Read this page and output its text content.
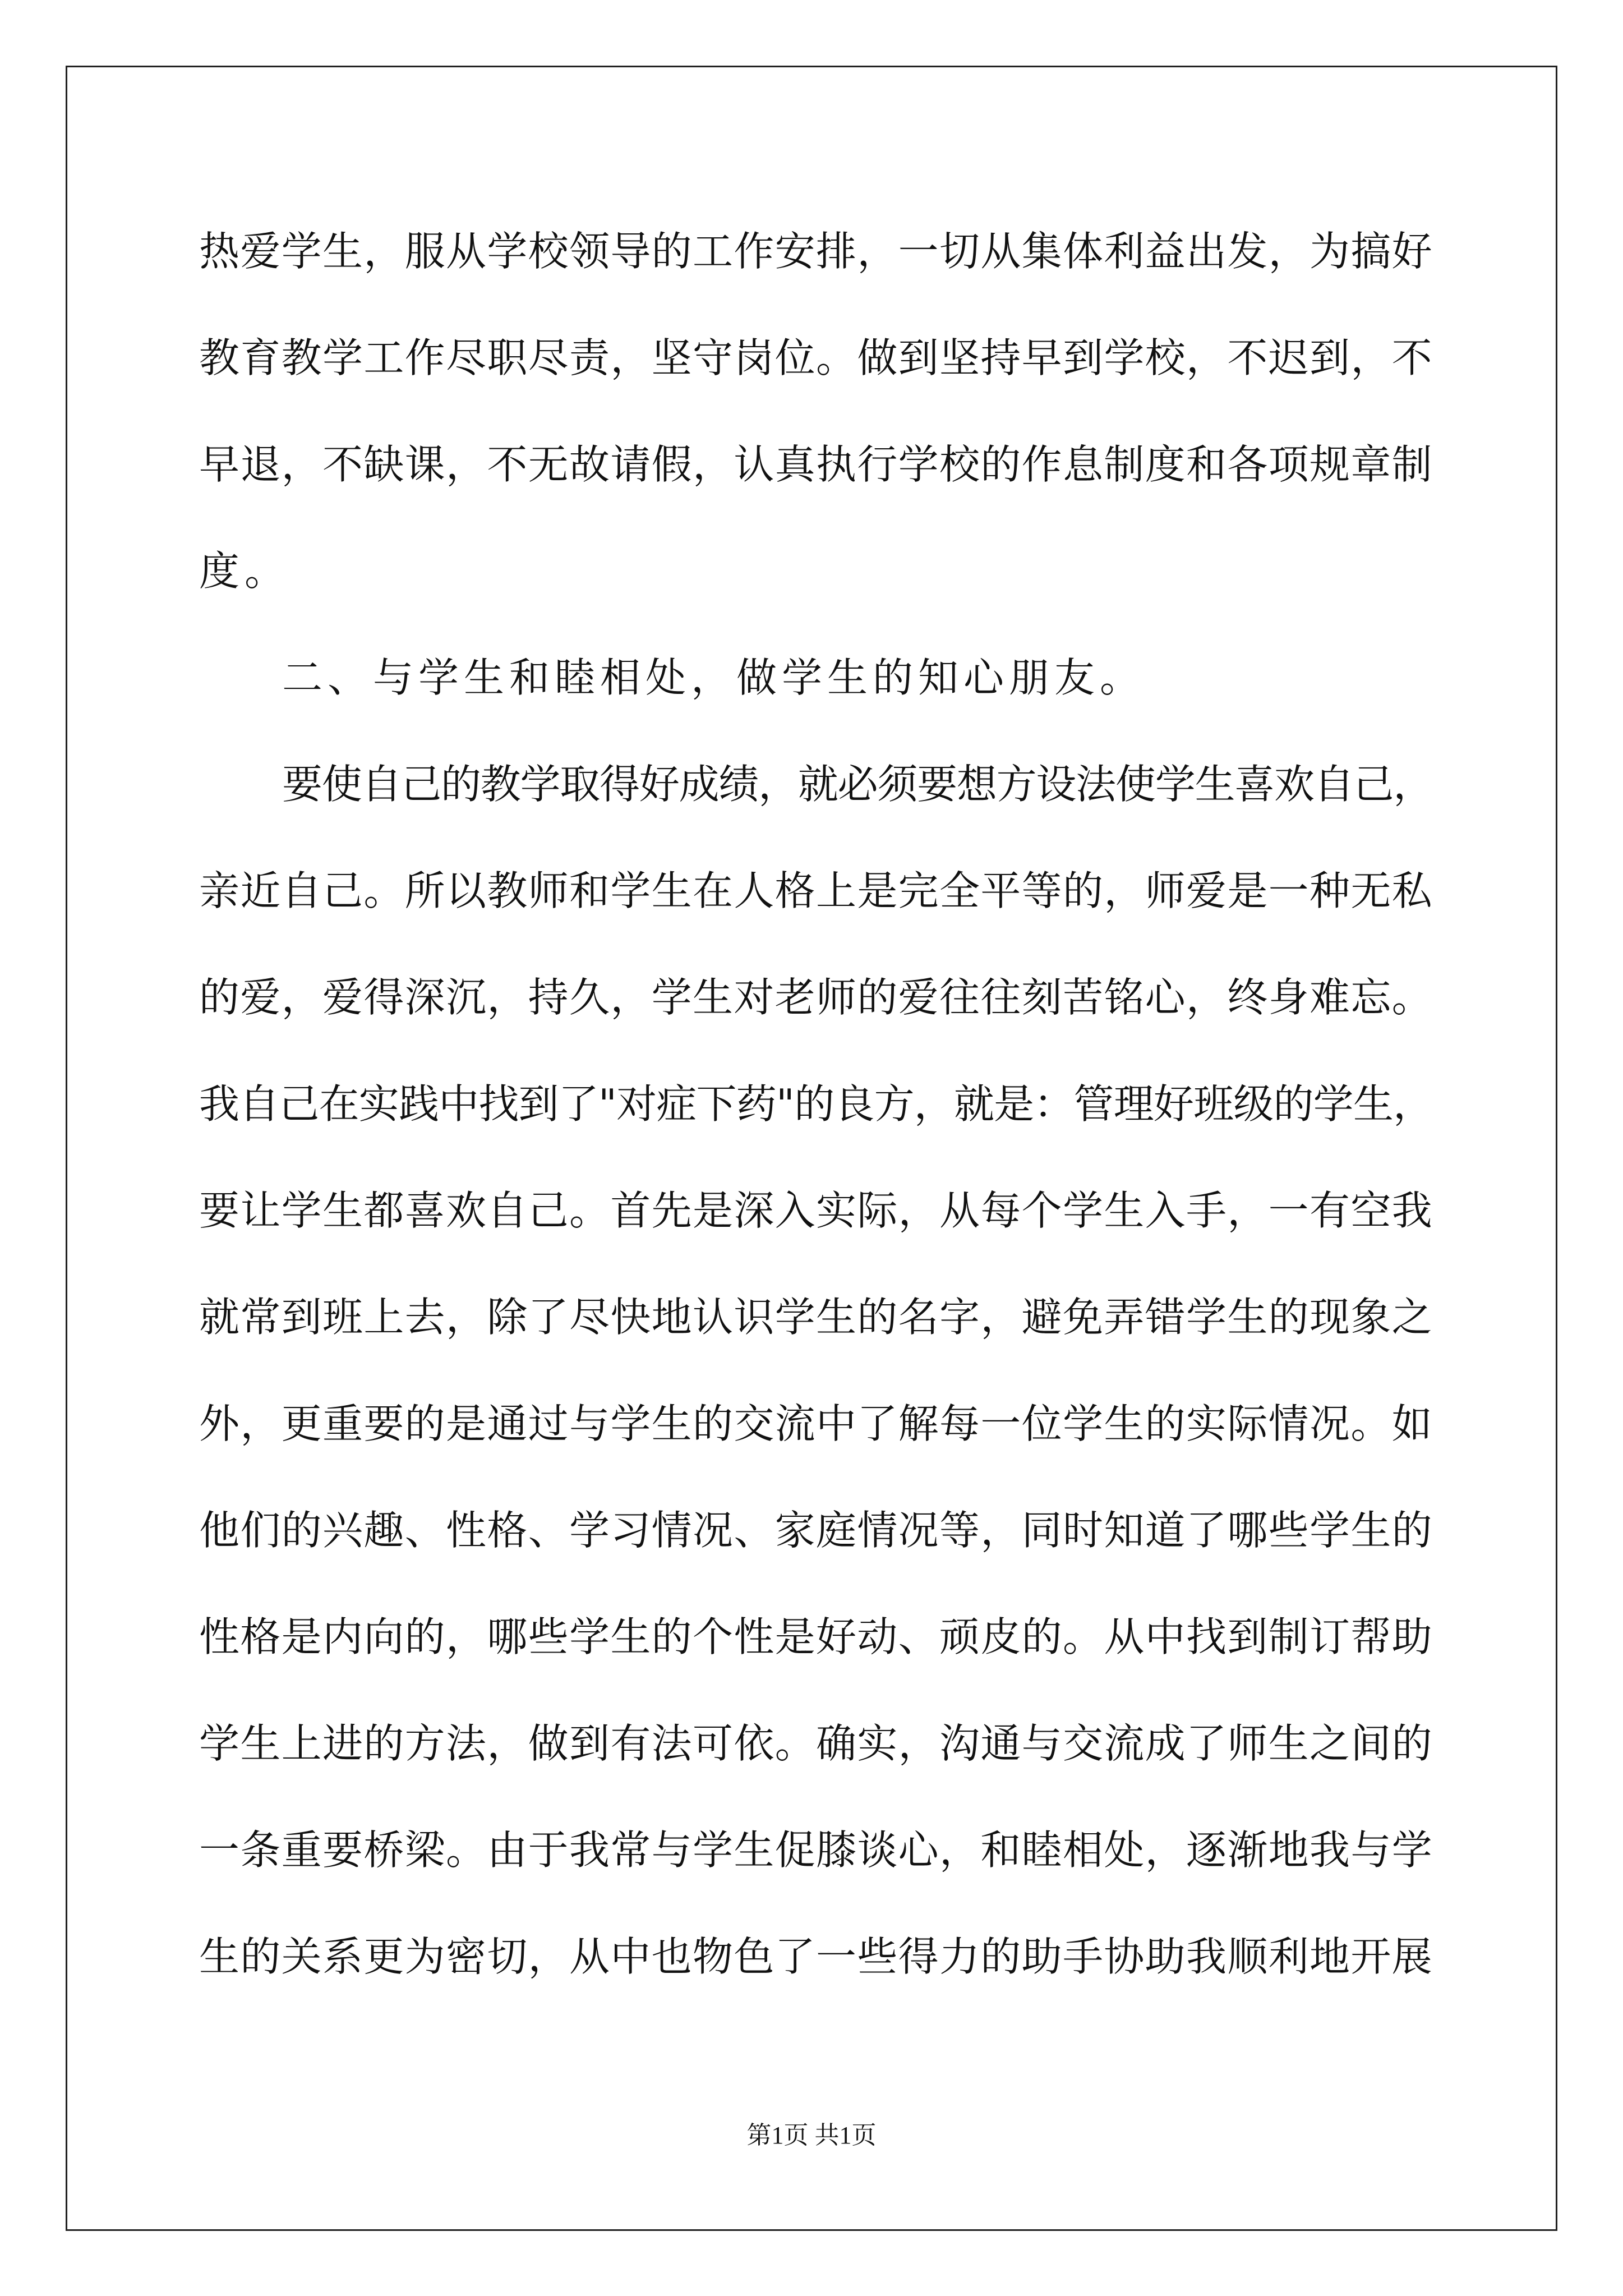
热爱学生，服从学校领导的工作安排，一切从集体利益出发，为搞好
教育教学工作尽职尽责，坚守岗位。做到坚持早到学校，不迟到，不
早退，不缺课，不无故请假，认真执行学校的作息制度和各项规章制
度。
二、与学生和睦相处，做学生的知心朋友。
要使自己的教学取得好成绩，就必须要想方设法使学生喜欢自己，
亲近自己。所以教师和学生在人格上是完全平等的，师爱是一种无私
的爱，爱得深沉，持久，学生对老师的爱往往刻苦铭心，终身难忘。
我自己在实践中找到了"对症下药"的良方，就是：管理好班级的学生，
要让学生都喜欢自己。首先是深入实际，从每个学生入手，一有空我
就常到班上去，除了尽快地认识学生的名字，避免弄错学生的现象之
外，更重要的是通过与学生的交流中了解每一位学生的实际情况。如
他们的兴趣、性格、学习情况、家庭情况等，同时知道了哪些学生的
性格是内向的，哪些学生的个性是好动、顽皮的。从中找到制订帮助
学生上进的方法，做到有法可依。确实，沟通与交流成了师生之间的
一条重要桥梁。由于我常与学生促膝谈心，和睦相处，逐渐地我与学
生的关系更为密切，从中也物色了一些得力的助手协助我顺利地开展
第1页 共1页
